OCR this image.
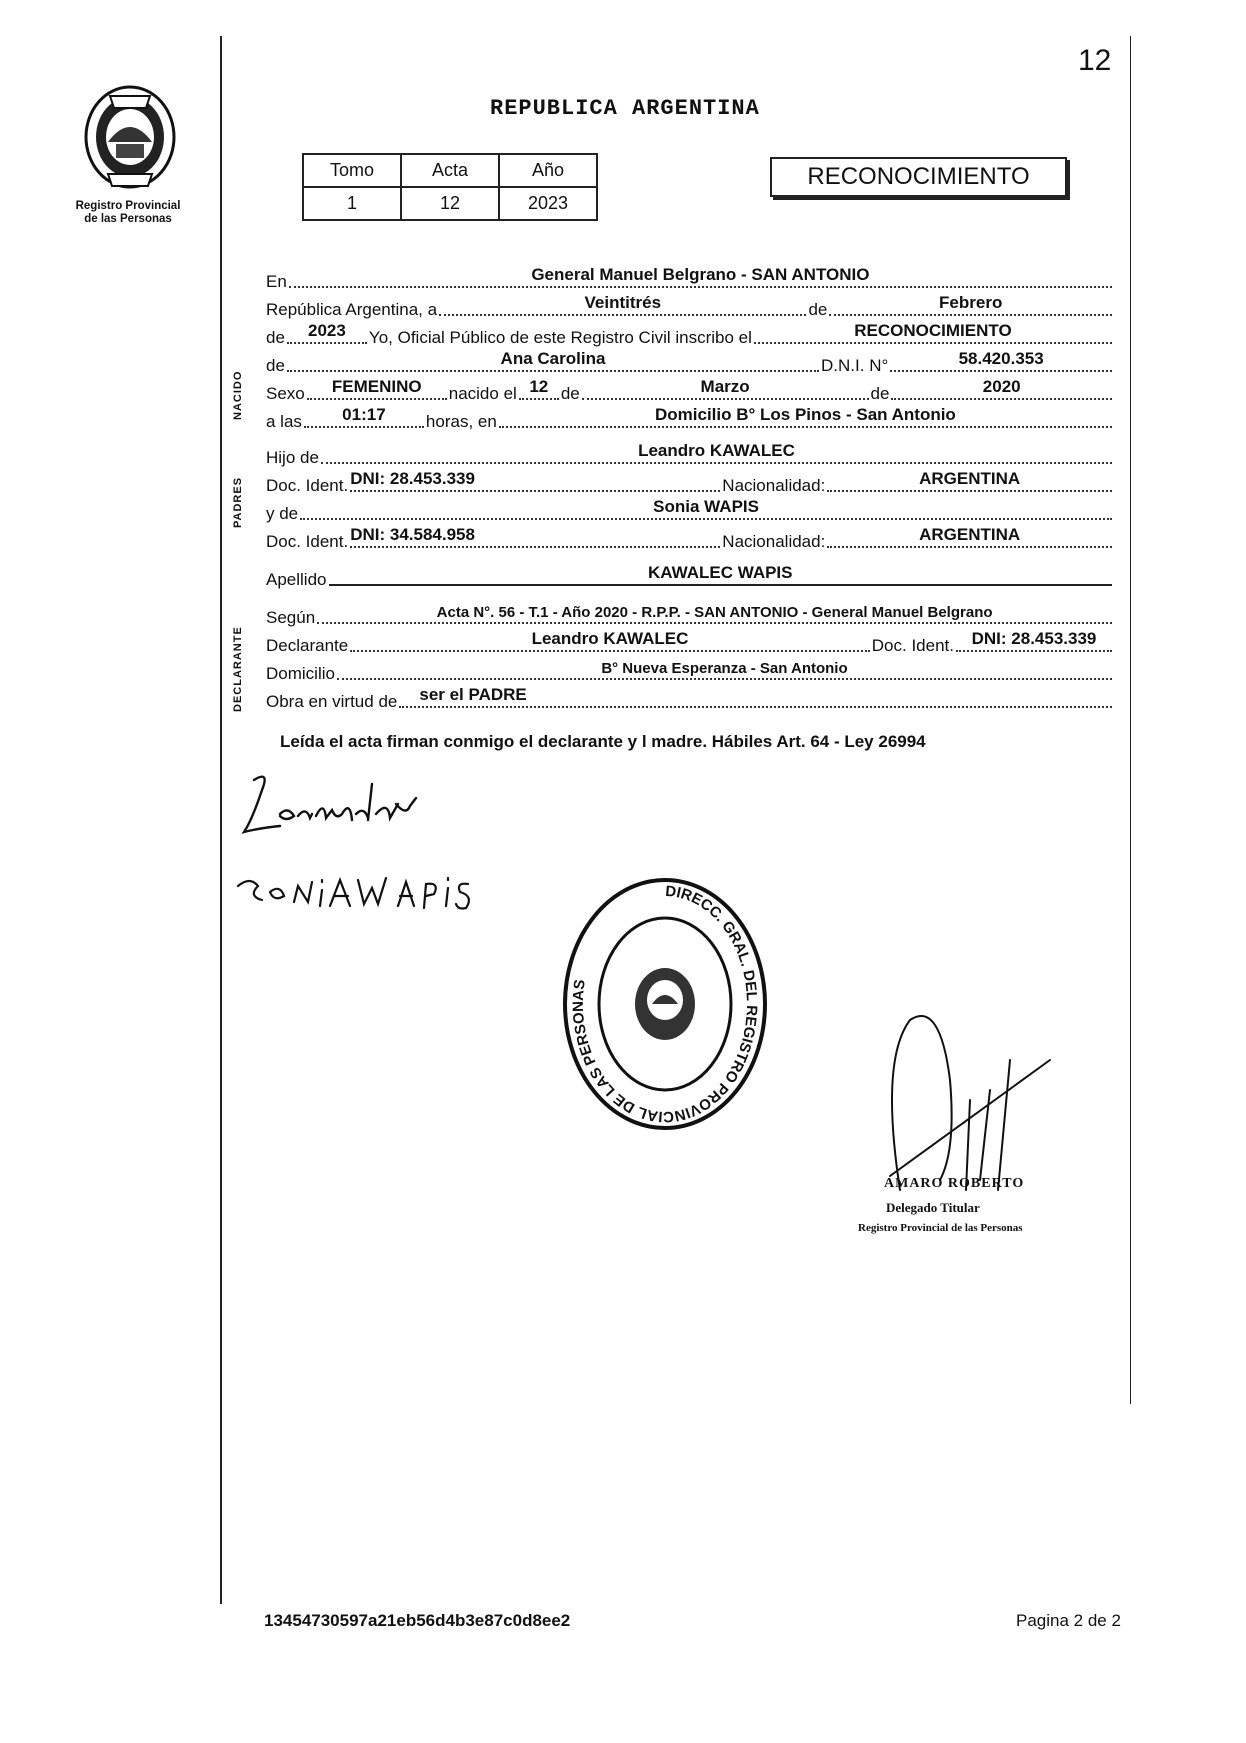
12
Registro Provincial
de las Personas
REPUBLICA ARGENTINA
Tomo	Acta	Año
1	12	2023
RECONOCIMIENTO
NACIDO
PADRES
DECLARANTE
En	General Manuel Belgrano - SAN ANTONIO
República Argentina, a	Veintitrés	de	Febrero
de	2023	Yo, Oficial Público de este Registro Civil inscribo el	RECONOCIMIENTO
de	Ana Carolina	D.N.I. N°	58.420.353
Sexo	FEMENINO	nacido el 12 de	Marzo	de	2020
a las	01:17	horas, en	Domicilio B° Los Pinos - San Antonio
Hijo de	Leandro KAWALEC
Doc. Ident. DNI: 28.453.339	Nacionalidad:	ARGENTINA
y de	Sonia WAPIS
Doc. Ident. DNI: 34.584.958	Nacionalidad:	ARGENTINA
Apellido	KAWALEC WAPIS
Según	Acta N°. 56 - T.1 - Año 2020 - R.P.P. - SAN ANTONIO - General Manuel Belgrano
Declarante	Leandro KAWALEC	Doc. Ident.	DNI: 28.453.339
Domicilio	B° Nueva Esperanza - San Antonio
Obra en virtud de ser el PADRE
Leída el acta firman conmigo el declarante y l madre. Hábiles Art. 64 - Ley 26994
DIRECC. GRAL. DEL REGISTRO PROVINCIAL DE LAS PERSONAS
AMARO ROBERTO
Delegado Titular
Registro Provincial de las Personas
13454730597a21eb56d4b3e87c0d8ee2	Pagina 2 de 2
